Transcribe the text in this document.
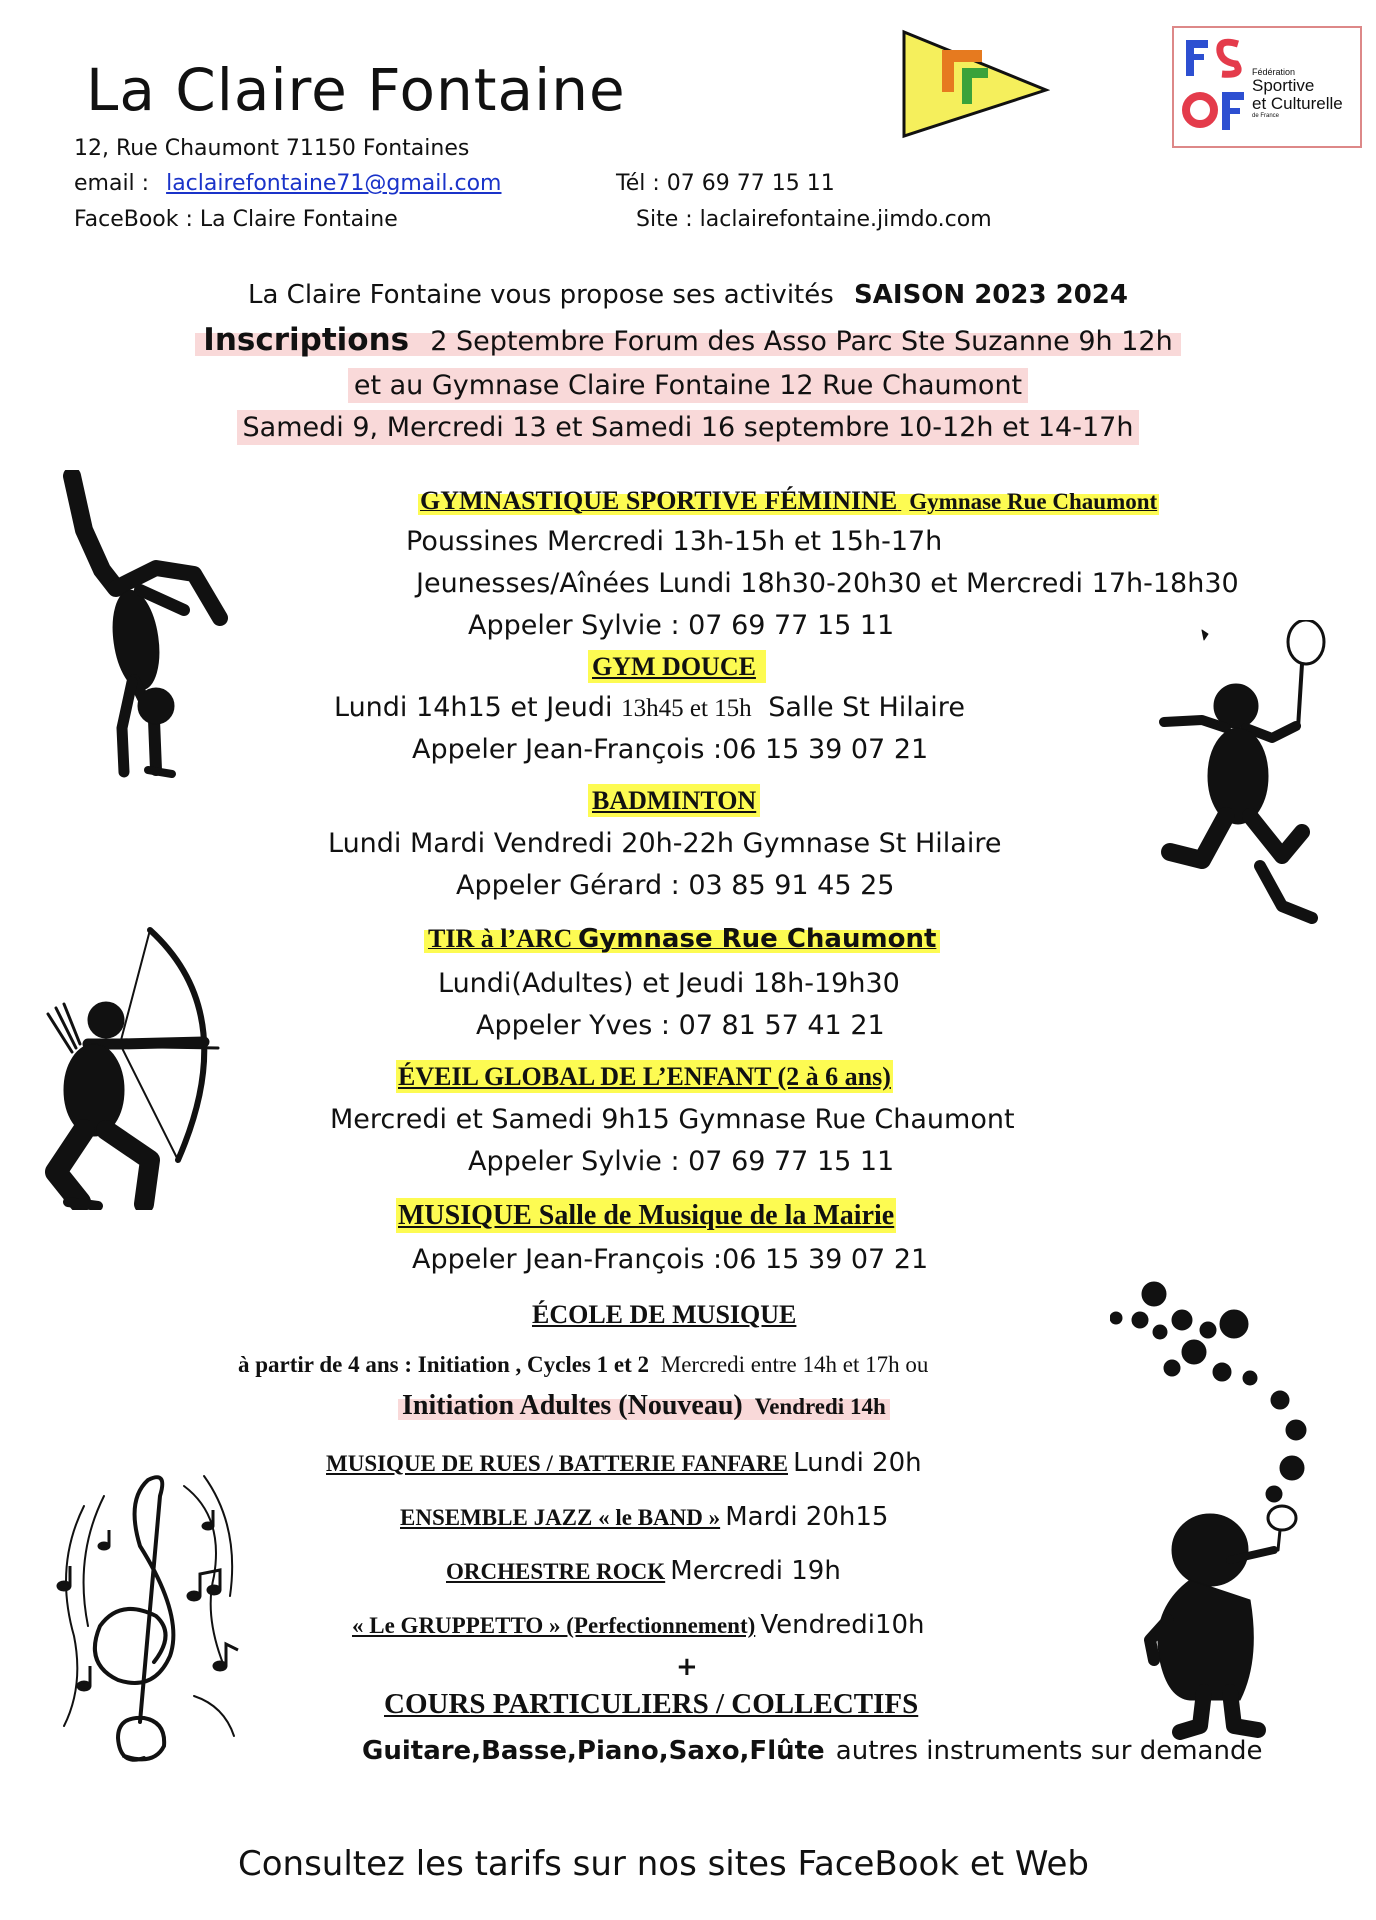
La Claire Fontaine	Fédération
Sportive
et Culturelle
de France
12, Rue Chaumont 71150 Fontaines
email : laclairefontaine71@gmail.com	Tél : 07 69 77 15 11
FaceBook : La Claire Fontaine	Site : laclairefontaine.jimdo.com
La Claire Fontaine vous propose ses activités SAISON 2023 2024
Inscriptions 2 Septembre Forum des Asso Parc Ste Suzanne 9h 12h
et au Gymnase Claire Fontaine 12 Rue Chaumont
Samedi 9, Mercredi 13 et Samedi 16 septembre 10-12h et 14-17h
GYMNASTIQUE SPORTIVE FÉMININE Gymnase Rue Chaumont
Poussines Mercredi 13h-15h et 15h-17h
Jeunesses/Aînées Lundi 18h30-20h30 et Mercredi 17h-18h30
Appeler Sylvie : 07 69 77 15 11
GYM DOUCE
Lundi 14h15 et Jeudi 13h45 et 15h Salle St Hilaire
Appeler Jean-François :06 15 39 07 21
BADMINTON
Lundi Mardi Vendredi 20h-22h Gymnase St Hilaire
Appeler Gérard : 03 85 91 45 25
TIR à l’ARC Gymnase Rue Chaumont
Lundi(Adultes) et Jeudi 18h-19h30
Appeler Yves : 07 81 57 41 21
ÉVEIL GLOBAL DE L’ENFANT (2 à 6 ans)
Mercredi et Samedi 9h15 Gymnase Rue Chaumont
Appeler Sylvie : 07 69 77 15 11
MUSIQUE Salle de Musique de la Mairie
Appeler Jean-François :06 15 39 07 21
ÉCOLE DE MUSIQUE
à partir de 4 ans : Initiation , Cycles 1 et 2 Mercredi entre 14h et 17h ou
Initiation Adultes (Nouveau) Vendredi 14h
MUSIQUE DE RUES / BATTERIE FANFARE Lundi 20h
ENSEMBLE JAZZ « le BAND » Mardi 20h15
ORCHESTRE ROCK Mercredi 19h
« Le GRUPPETTO » (Perfectionnement) Vendredi10h
+
COURS PARTICULIERS / COLLECTIFS
Guitare,Basse,Piano,Saxo,Flûte autres instruments sur demande
Consultez les tarifs sur nos sites FaceBook et Web
